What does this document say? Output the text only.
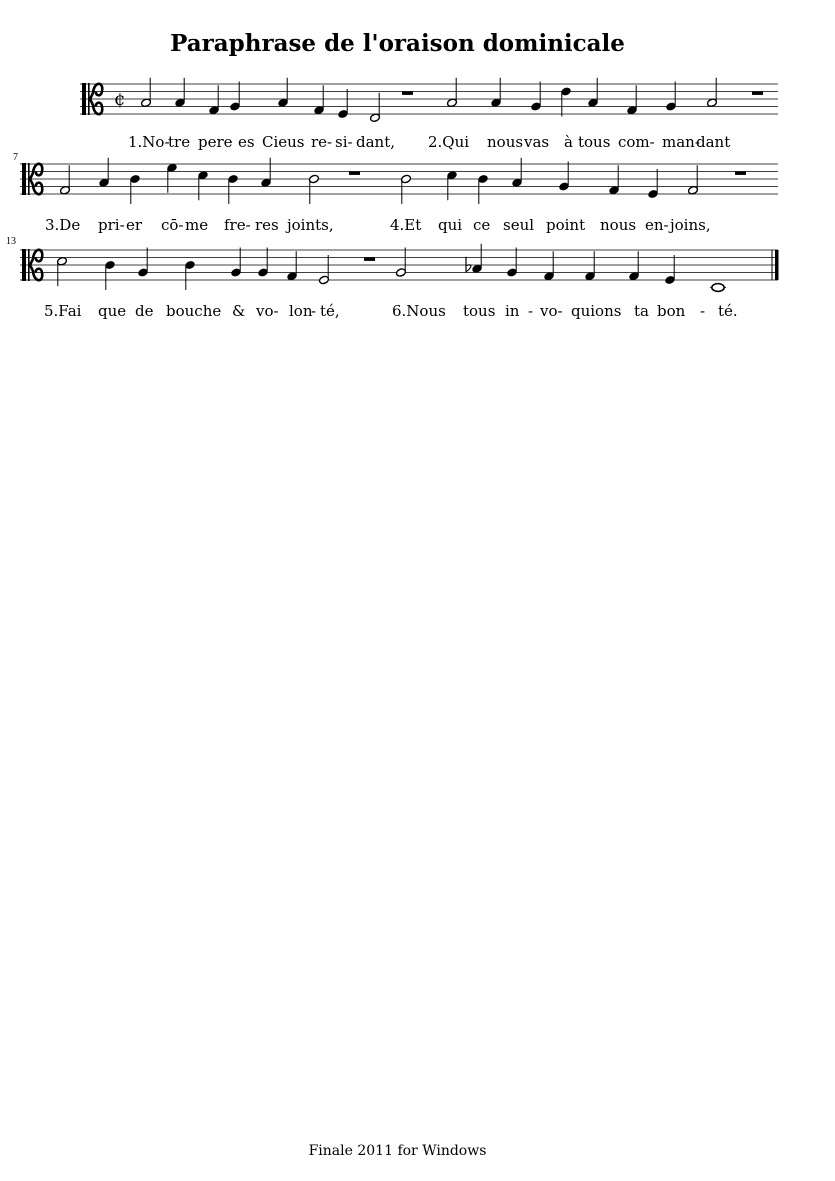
Paraphrase de l'oraison dominicale
¢
1.No-
tre pere es Cieus re- si- dant, 2.Qui nous vas à tous com- man-
dant
7
3.De pri- er cō- me fre- res joints,	4.Et qui ce seul point nous en- joins,
13
5.Fai que de bouche & vo- lon
- té,	6.Nous tous in - vo- quions ta bon - té.
Finale 2011 for Windows
